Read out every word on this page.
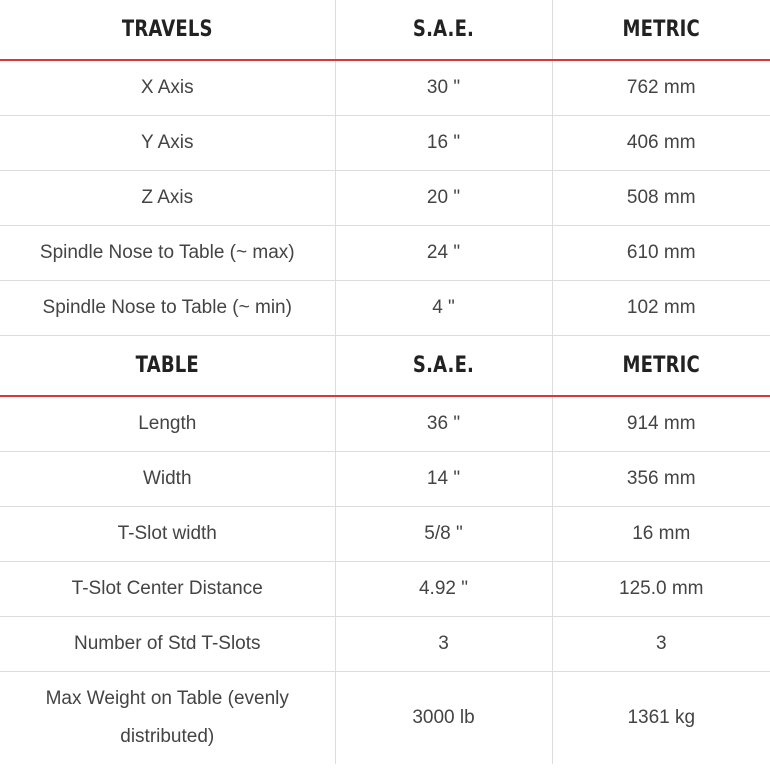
TRAVELS	S.A.E.	METRIC
X Axis	30 "	762 mm
Y Axis	16 "	406 mm
Z Axis	20 "	508 mm
Spindle Nose to Table (~ max)	24 "	610 mm
Spindle Nose to Table (~ min)	4 "	102 mm
TABLE	S.A.E.	METRIC
Length	36 "	914 mm
Width	14 "	356 mm
T-Slot width	5/8 "	16 mm
T-Slot Center Distance	4.92 "	125.0 mm
Number of Std T-Slots	3	3
Max Weight on Table (evenly distributed)	3000 lb	1361 kg
